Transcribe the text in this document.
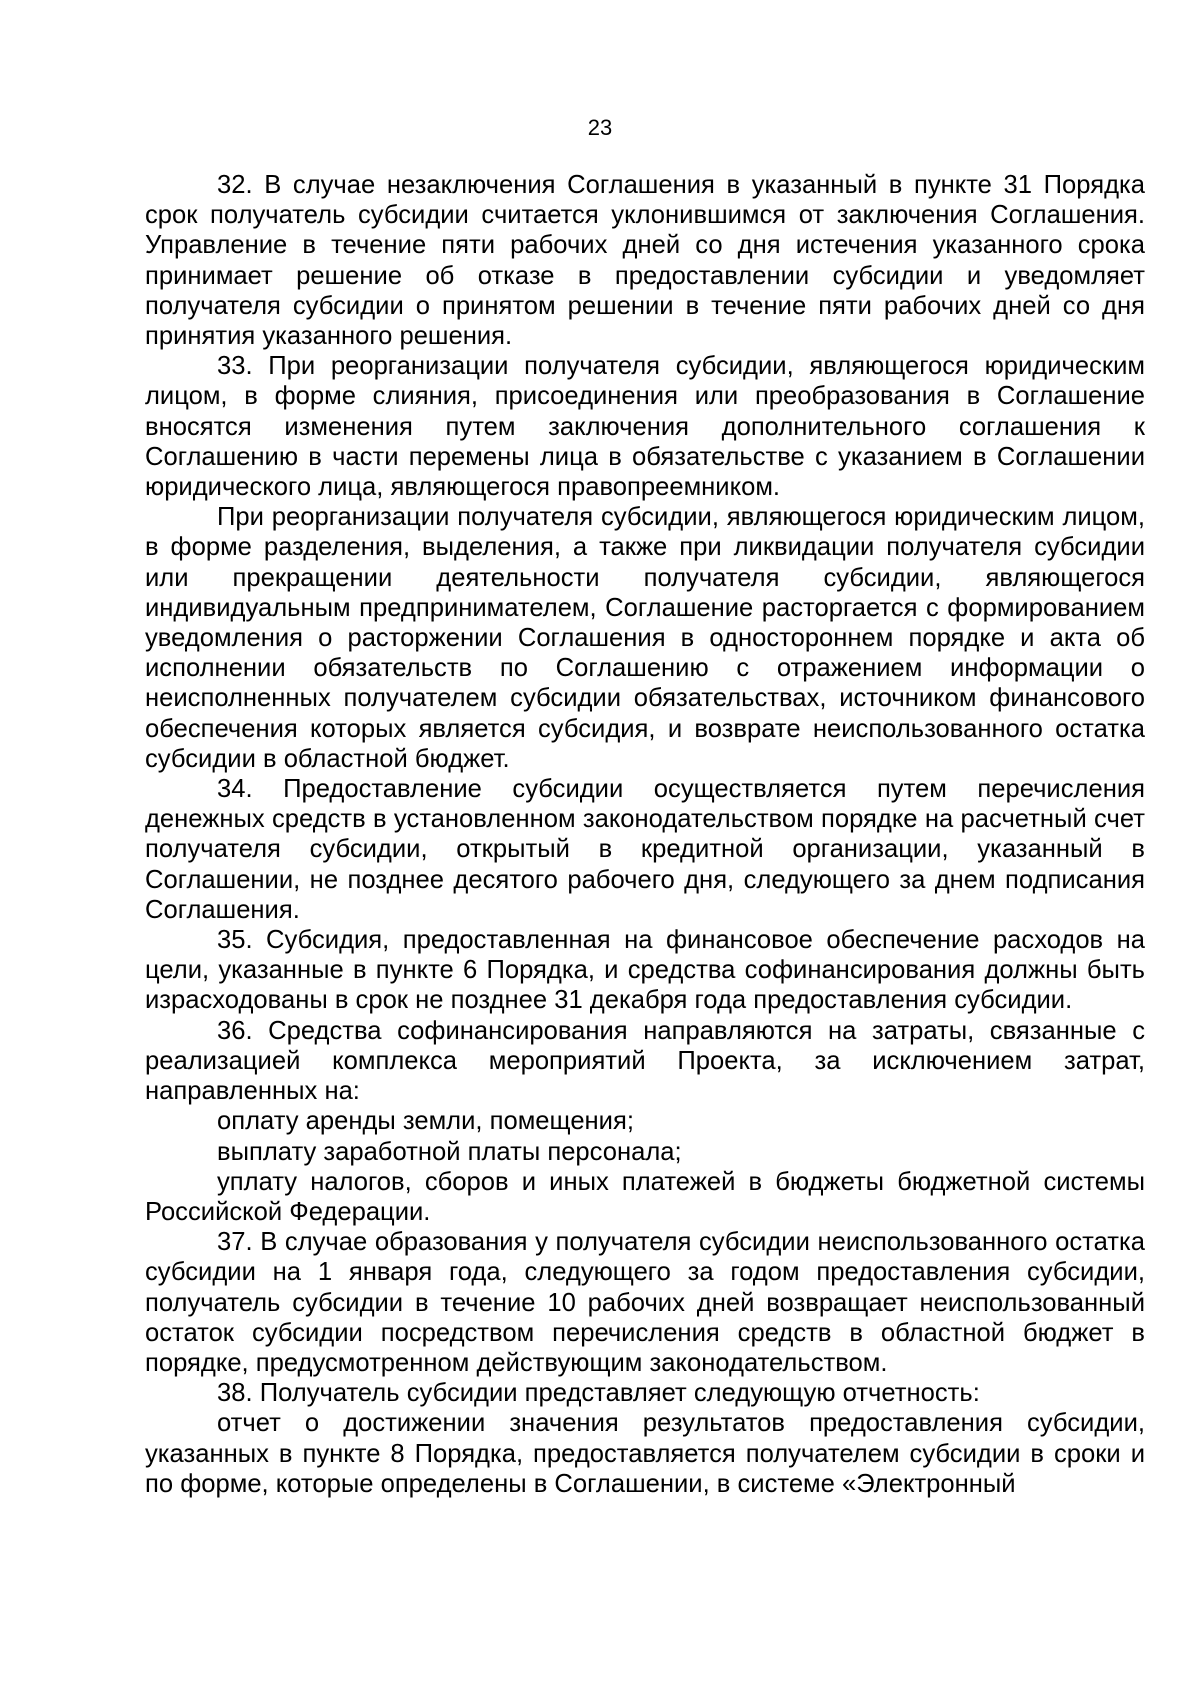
23

32. В случае незаключения Соглашения в указанный в пункте 31 Порядка срок получатель субсидии считается уклонившимся от заключения Соглашения. Управление в течение пяти рабочих дней со дня истечения указанного срока принимает решение об отказе в предоставлении субсидии и уведомляет получателя субсидии о принятом решении в течение пяти рабочих дней со дня принятия указанного решения.

33. При реорганизации получателя субсидии, являющегося юридическим лицом, в форме слияния, присоединения или преобразования в Соглашение вносятся изменения путем заключения дополнительного соглашения к Соглашению в части перемены лица в обязательстве с указанием в Соглашении юридического лица, являющегося правопреемником.

При реорганизации получателя субсидии, являющегося юридическим лицом, в форме разделения, выделения, а также при ликвидации получателя субсидии или прекращении деятельности получателя субсидии, являющегося индивидуальным предпринимателем, Соглашение расторгается с формированием уведомления о расторжении Соглашения в одностороннем порядке и акта об исполнении обязательств по Соглашению с отражением информации о неисполненных получателем субсидии обязательствах, источником финансового обеспечения которых является субсидия, и возврате неиспользованного остатка субсидии в областной бюджет.

34. Предоставление субсидии осуществляется путем перечисления денежных средств в установленном законодательством порядке на расчетный счет получателя субсидии, открытый в кредитной организации, указанный в Соглашении, не позднее десятого рабочего дня, следующего за днем подписания Соглашения.

35. Субсидия, предоставленная на финансовое обеспечение расходов на цели, указанные в пункте 6 Порядка, и средства софинансирования должны быть израсходованы в срок не позднее 31 декабря года предоставления субсидии.

36. Средства софинансирования направляются на затраты, связанные с реализацией комплекса мероприятий Проекта, за исключением затрат, направленных на:

оплату аренды земли, помещения;

выплату заработной платы персонала;

уплату налогов, сборов и иных платежей в бюджеты бюджетной системы Российской Федерации.

37. В случае образования у получателя субсидии неиспользованного остатка субсидии на 1 января года, следующего за годом предоставления субсидии, получатель субсидии в течение 10 рабочих дней возвращает неиспользованный остаток субсидии посредством перечисления средств в областной бюджет в порядке, предусмотренном действующим законодательством.

38. Получатель субсидии представляет следующую отчетность:

отчет о достижении значения результатов предоставления субсидии, указанных в пункте 8 Порядка, предоставляется получателем субсидии в сроки и по форме, которые определены в Соглашении, в системе «Электронный
